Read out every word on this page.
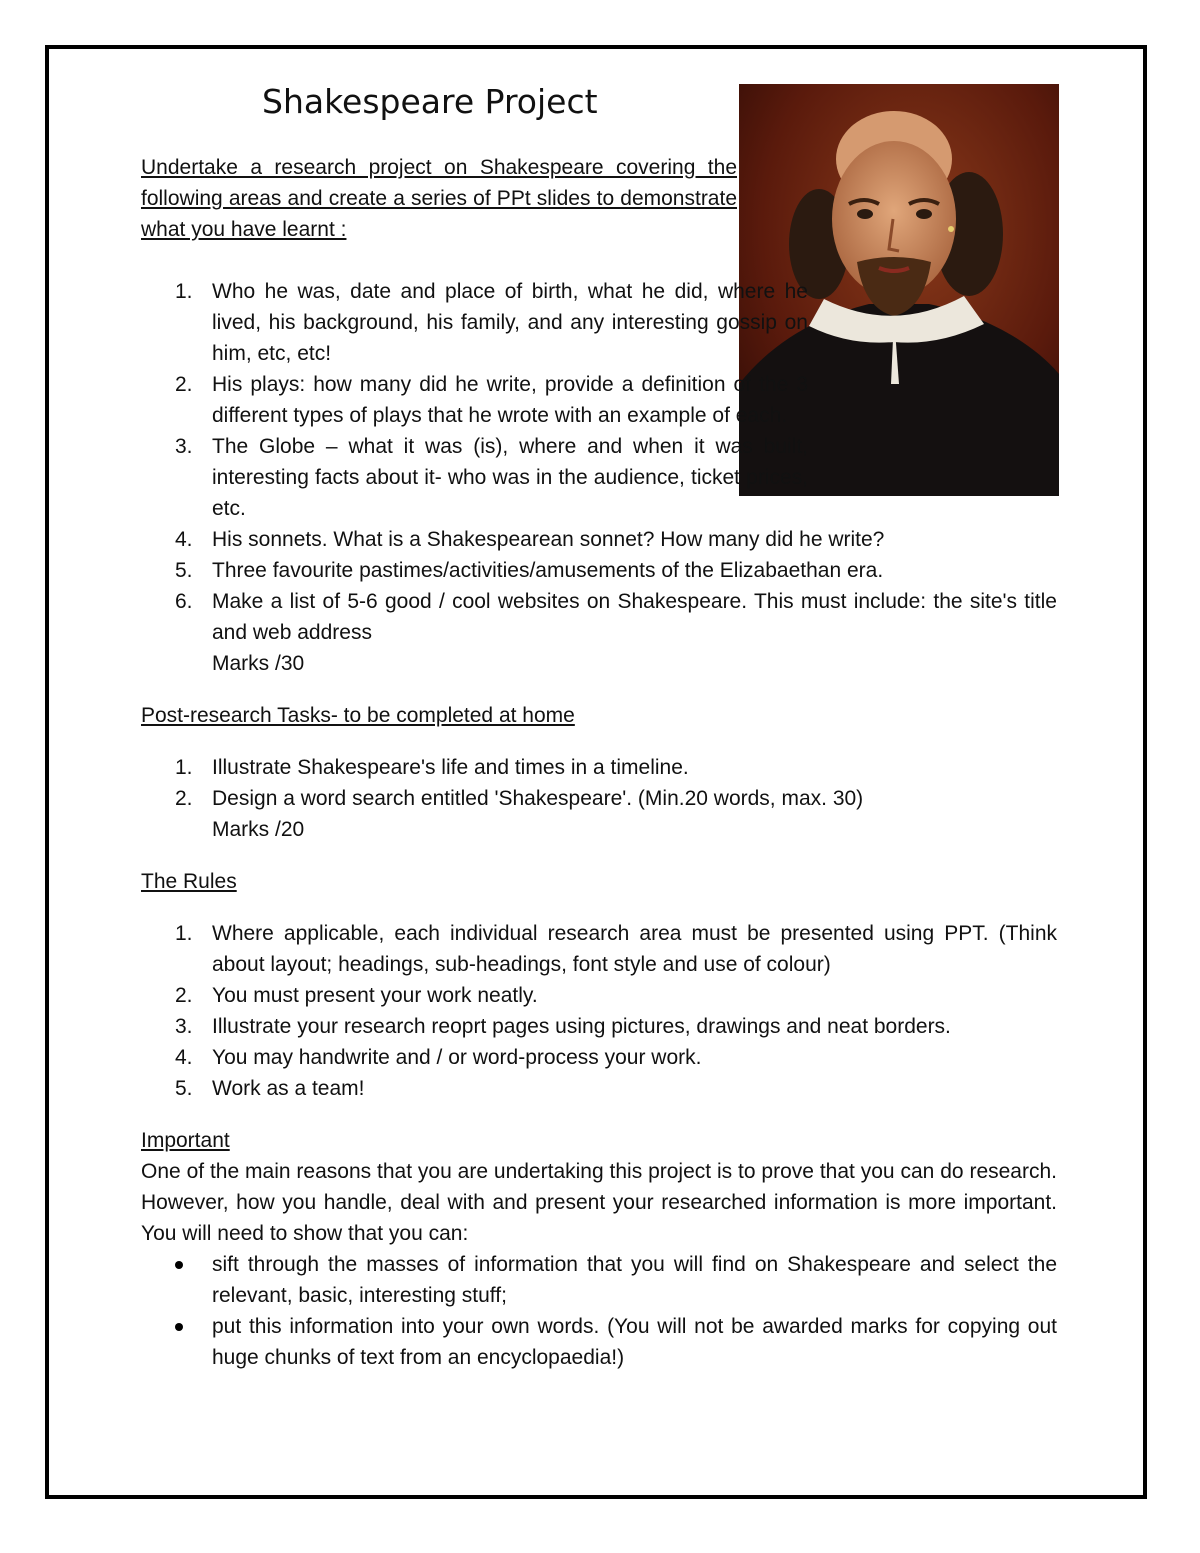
Shakespeare Project

Undertake a research project on Shakespeare covering the following areas and create a series of PPt slides to demonstrate what you have learnt :

1. Who he was, date and place of birth, what he did, where he lived, his background, his family, and any interesting gossip on him, etc, etc!
2. His plays: how many did he write, provide a definition of the 3 different types of plays that he wrote with an example of each.
3. The Globe – what it was (is), where and when it was built, interesting facts about it- who was in the audience, ticket prices, etc.
4. His sonnets. What is a Shakespearean sonnet? How many did he write?
5. Three favourite pastimes/activities/amusements of the Elizabaethan era.
6. Make a list of 5-6 good / cool websites on Shakespeare. This must include: the site's title and web address
Marks /30

Post-research Tasks- to be completed at home

1. Illustrate Shakespeare's life and times in a timeline.
2. Design a word search entitled 'Shakespeare'. (Min.20 words, max. 30)
Marks /20

The Rules

1. Where applicable, each individual research area must be presented using PPT. (Think about layout; headings, sub-headings, font style and use of colour)
2. You must present your work neatly.
3. Illustrate your research reoprt pages using pictures, drawings and neat borders.
4. You may handwrite and / or word-process your work.
5. Work as a team!

Important

One of the main reasons that you are undertaking this project is to prove that you can do research. However, how you handle, deal with and present your researched information is more important. You will need to show that you can:

sift through the masses of information that you will find on Shakespeare and select the relevant, basic, interesting stuff;
put this information into your own words. (You will not be awarded marks for copying out huge chunks of text from an encyclopaedia!)
